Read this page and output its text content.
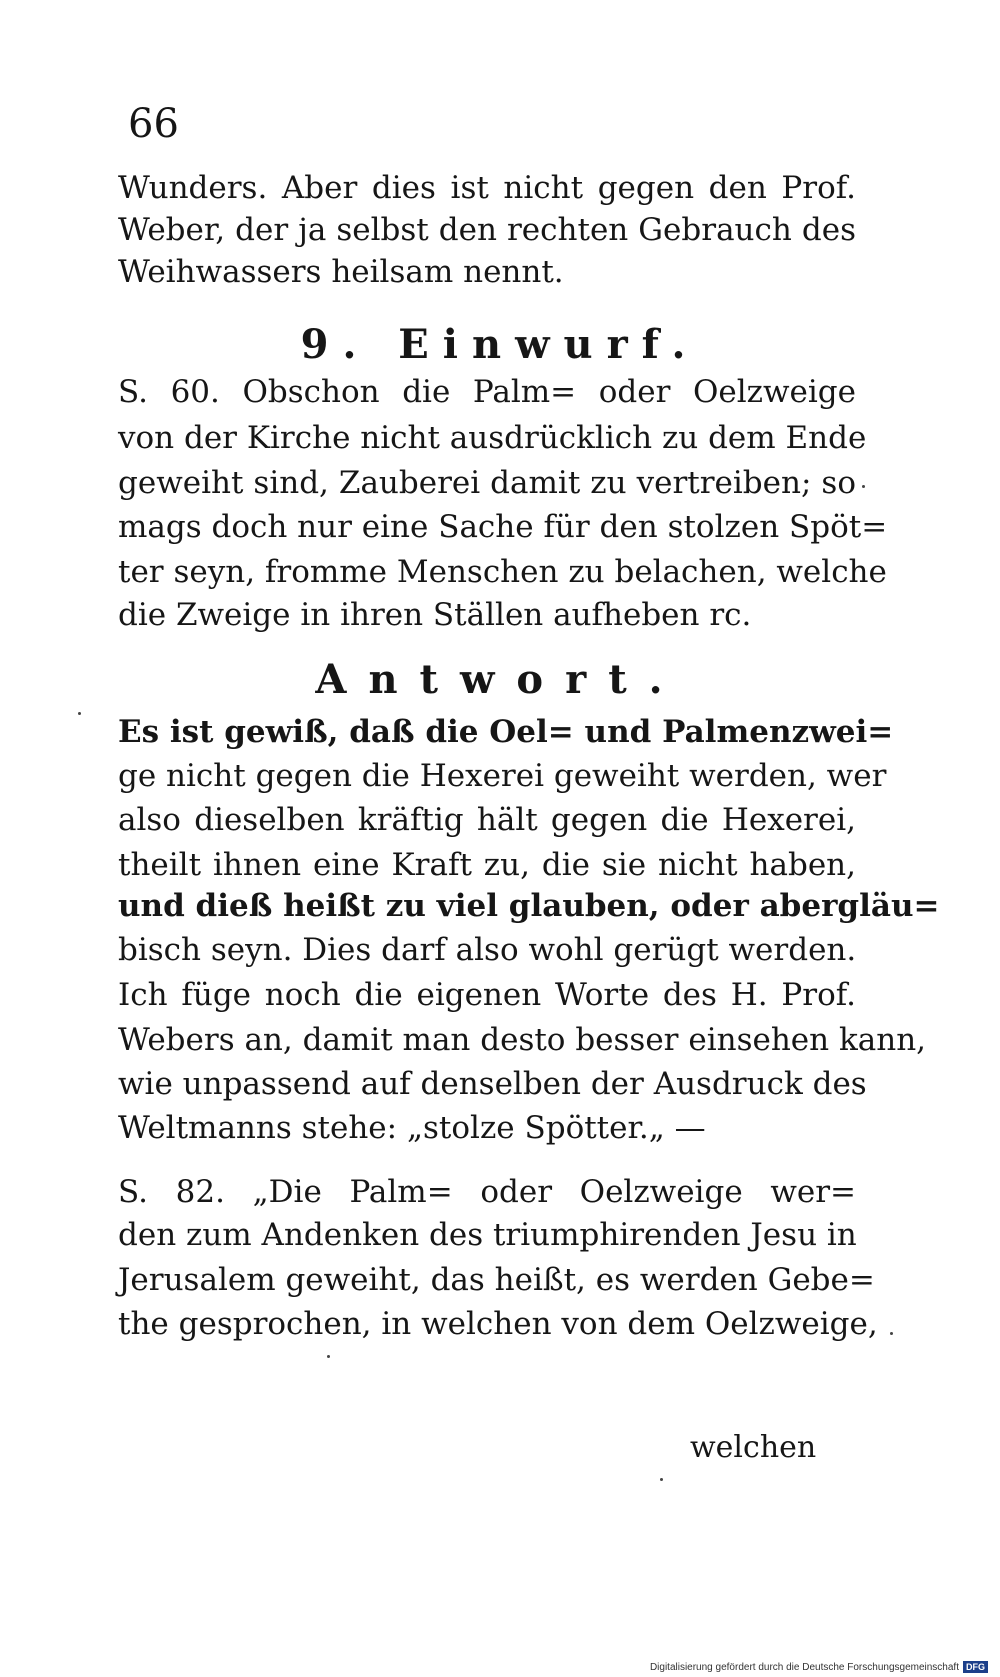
66
Wunders. Aber dies ist nicht gegen den Prof.
Weber, der ja selbst den rechten Gebrauch des
Weihwassers heilsam nennt.
9. Einwurf.
S. 60. Obschon die Palm= oder Oelzweige
von der Kirche nicht ausdrücklich zu dem Ende
geweiht sind, Zauberei damit zu vertreiben; so
mags doch nur eine Sache für den stolzen Spöt=
ter seyn, fromme Menschen zu belachen, welche
die Zweige in ihren Ställen aufheben rc.
Antwort.
Es ist gewiß, daß die Oel= und Palmenzwei=
ge nicht gegen die Hexerei geweiht werden, wer
also dieselben kräftig hält gegen die Hexerei,
theilt ihnen eine Kraft zu, die sie nicht haben,
und dieß heißt zu viel glauben, oder abergläu=
bisch seyn. Dies darf also wohl gerügt werden.
Ich füge noch die eigenen Worte des H. Prof.
Webers an, damit man desto besser einsehen kann,
wie unpassend auf denselben der Ausdruck des
Weltmanns stehe: „stolze Spötter.„ —
S. 82. „Die Palm= oder Oelzweige wer=
den zum Andenken des triumphirenden Jesu in
Jerusalem geweiht, das heißt, es werden Gebe=
the gesprochen, in welchen von dem Oelzweige,
welchen
Digitalisierung gefördert durch die Deutsche Forschungsgemeinschaft DFG
